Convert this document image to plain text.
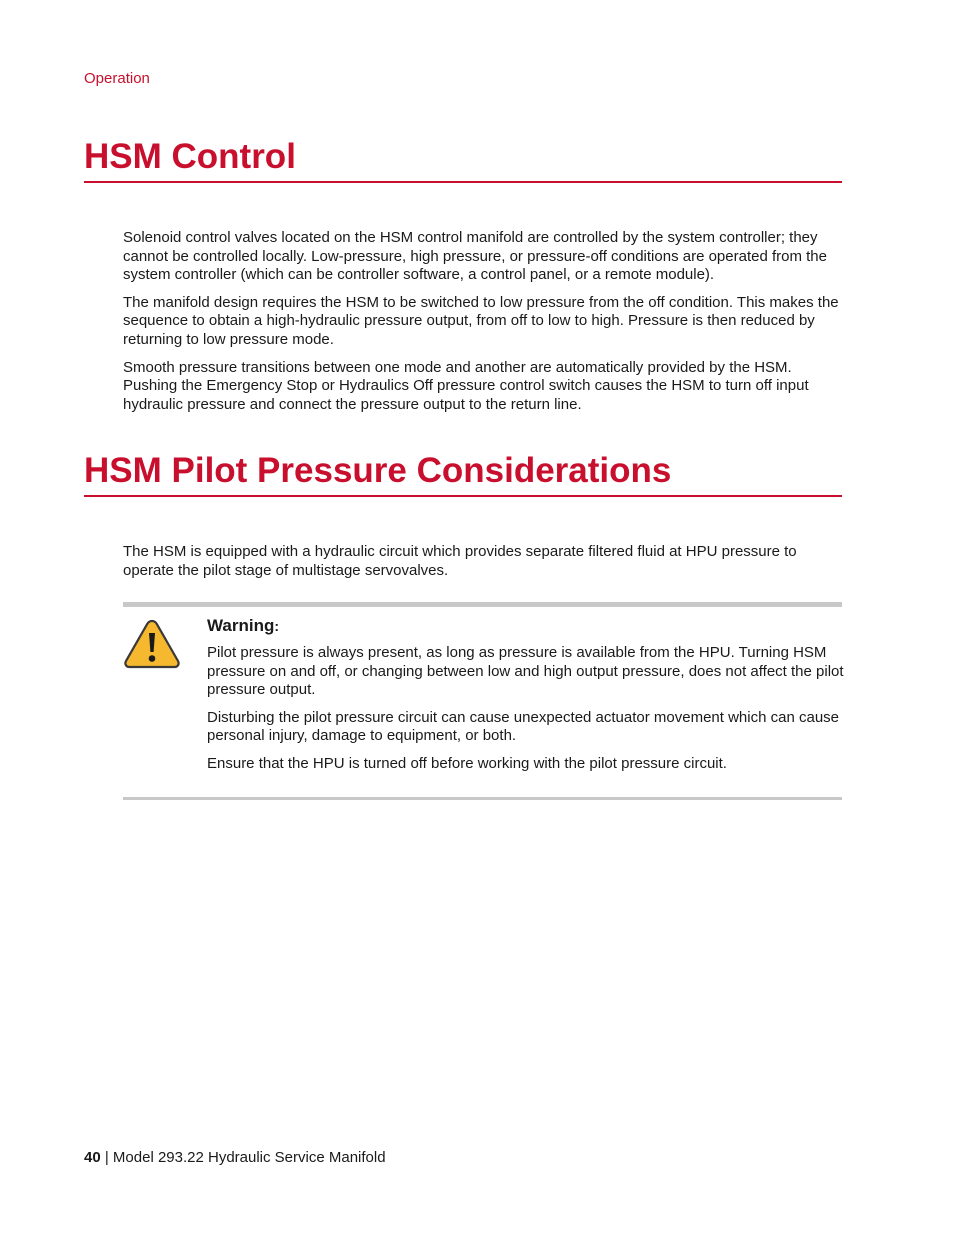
Operation
HSM Control

Solenoid control valves located on the HSM control manifold are controlled by the system controller; they cannot be controlled locally. Low-pressure, high pressure, or pressure-off conditions are operated from the system controller (which can be controller software, a control panel, or a remote module).

The manifold design requires the HSM to be switched to low pressure from the off condition. This makes the sequence to obtain a high-hydraulic pressure output, from off to low to high. Pressure is then reduced by returning to low pressure mode.

Smooth pressure transitions between one mode and another are automatically provided by the HSM. Pushing the Emergency Stop or Hydraulics Off pressure control switch causes the HSM to turn off input hydraulic pressure and connect the pressure output to the return line.

HSM Pilot Pressure Considerations

The HSM is equipped with a hydraulic circuit which provides separate filtered fluid at HPU pressure to operate the pilot stage of multistage servovalves.

Warning:

Pilot pressure is always present, as long as pressure is available from the HPU. Turning HSM pressure on and off, or changing between low and high output pressure, does not affect the pilot pressure output.

Disturbing the pilot pressure circuit can cause unexpected actuator movement which can cause personal injury, damage to equipment, or both.

Ensure that the HPU is turned off before working with the pilot pressure circuit.

40 | Model 293.22 Hydraulic Service Manifold
